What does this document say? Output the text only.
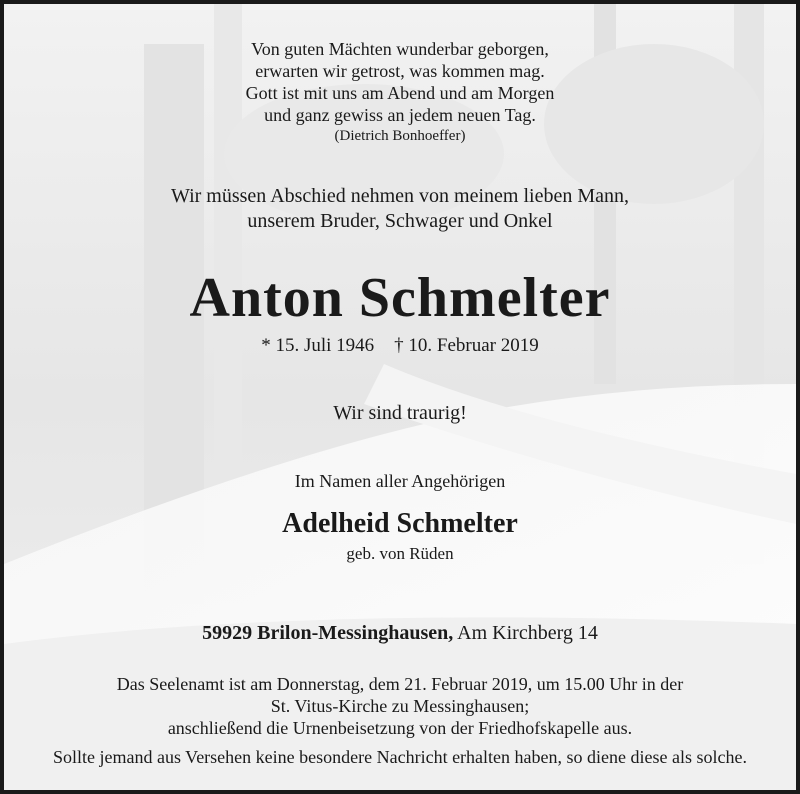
Von guten Mächten wunderbar geborgen,
erwarten wir getrost, was kommen mag.
Gott ist mit uns am Abend und am Morgen
und ganz gewiss an jedem neuen Tag.
(Dietrich Bonhoeffer)
Wir müssen Abschied nehmen von meinem lieben Mann,
unserem Bruder, Schwager und Onkel
Anton Schmelter
* 15. Juli 1946 † 10. Februar 2019
Wir sind traurig!
Im Namen aller Angehörigen
Adelheid Schmelter
geb. von Rüden
59929 Brilon-Messinghausen, Am Kirchberg 14
Das Seelenamt ist am Donnerstag, dem 21. Februar 2019, um 15.00 Uhr in der
St. Vitus-Kirche zu Messinghausen;
anschließend die Urnenbeisetzung von der Friedhofskapelle aus.
Sollte jemand aus Versehen keine besondere Nachricht erhalten haben, so diene diese als solche.
